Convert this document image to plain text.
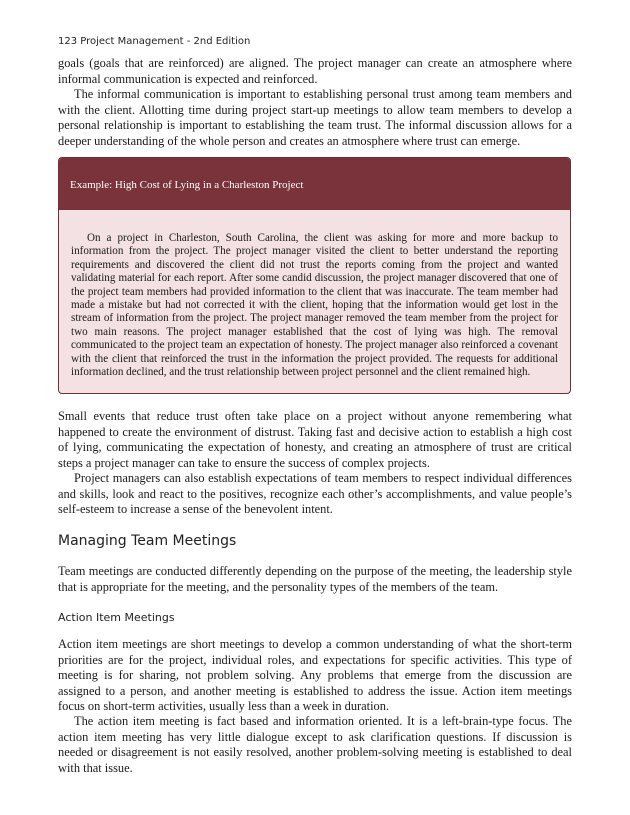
123 Project Management - 2nd Edition

goals (goals that are reinforced) are aligned. The project manager can create an atmosphere where informal communication is expected and reinforced.

The informal communication is important to establishing personal trust among team members and with the client. Allotting time during project start-up meetings to allow team members to develop a personal relationship is important to establishing the team trust. The informal discussion allows for a deeper understanding of the whole person and creates an atmosphere where trust can emerge.

Example: High Cost of Lying in a Charleston Project

On a project in Charleston, South Carolina, the client was asking for more and more backup to information from the project. The project manager visited the client to better understand the reporting requirements and discovered the client did not trust the reports coming from the project and wanted validating material for each report. After some candid discussion, the project manager discovered that one of the project team members had provided information to the client that was inaccurate. The team member had made a mistake but had not corrected it with the client, hoping that the information would get lost in the stream of information from the project. The project manager removed the team member from the project for two main reasons. The project manager established that the cost of lying was high. The removal communicated to the project team an expectation of honesty. The project manager also reinforced a covenant with the client that reinforced the trust in the information the project provided. The requests for additional information declined, and the trust relationship between project personnel and the client remained high.

Small events that reduce trust often take place on a project without anyone remembering what happened to create the environment of distrust. Taking fast and decisive action to establish a high cost of lying, communicating the expectation of honesty, and creating an atmosphere of trust are critical steps a project manager can take to ensure the success of complex projects.

Project managers can also establish expectations of team members to respect individual differences and skills, look and react to the positives, recognize each other’s accomplishments, and value people’s self-esteem to increase a sense of the benevolent intent.

Managing Team Meetings

Team meetings are conducted differently depending on the purpose of the meeting, the leadership style that is appropriate for the meeting, and the personality types of the members of the team.

Action Item Meetings

Action item meetings are short meetings to develop a common understanding of what the short-term priorities are for the project, individual roles, and expectations for specific activities. This type of meeting is for sharing, not problem solving. Any problems that emerge from the discussion are assigned to a person, and another meeting is established to address the issue. Action item meetings focus on short-term activities, usually less than a week in duration.

The action item meeting is fact based and information oriented. It is a left-brain-type focus. The action item meeting has very little dialogue except to ask clarification questions. If discussion is needed or disagreement is not easily resolved, another problem-solving meeting is established to deal with that issue.
